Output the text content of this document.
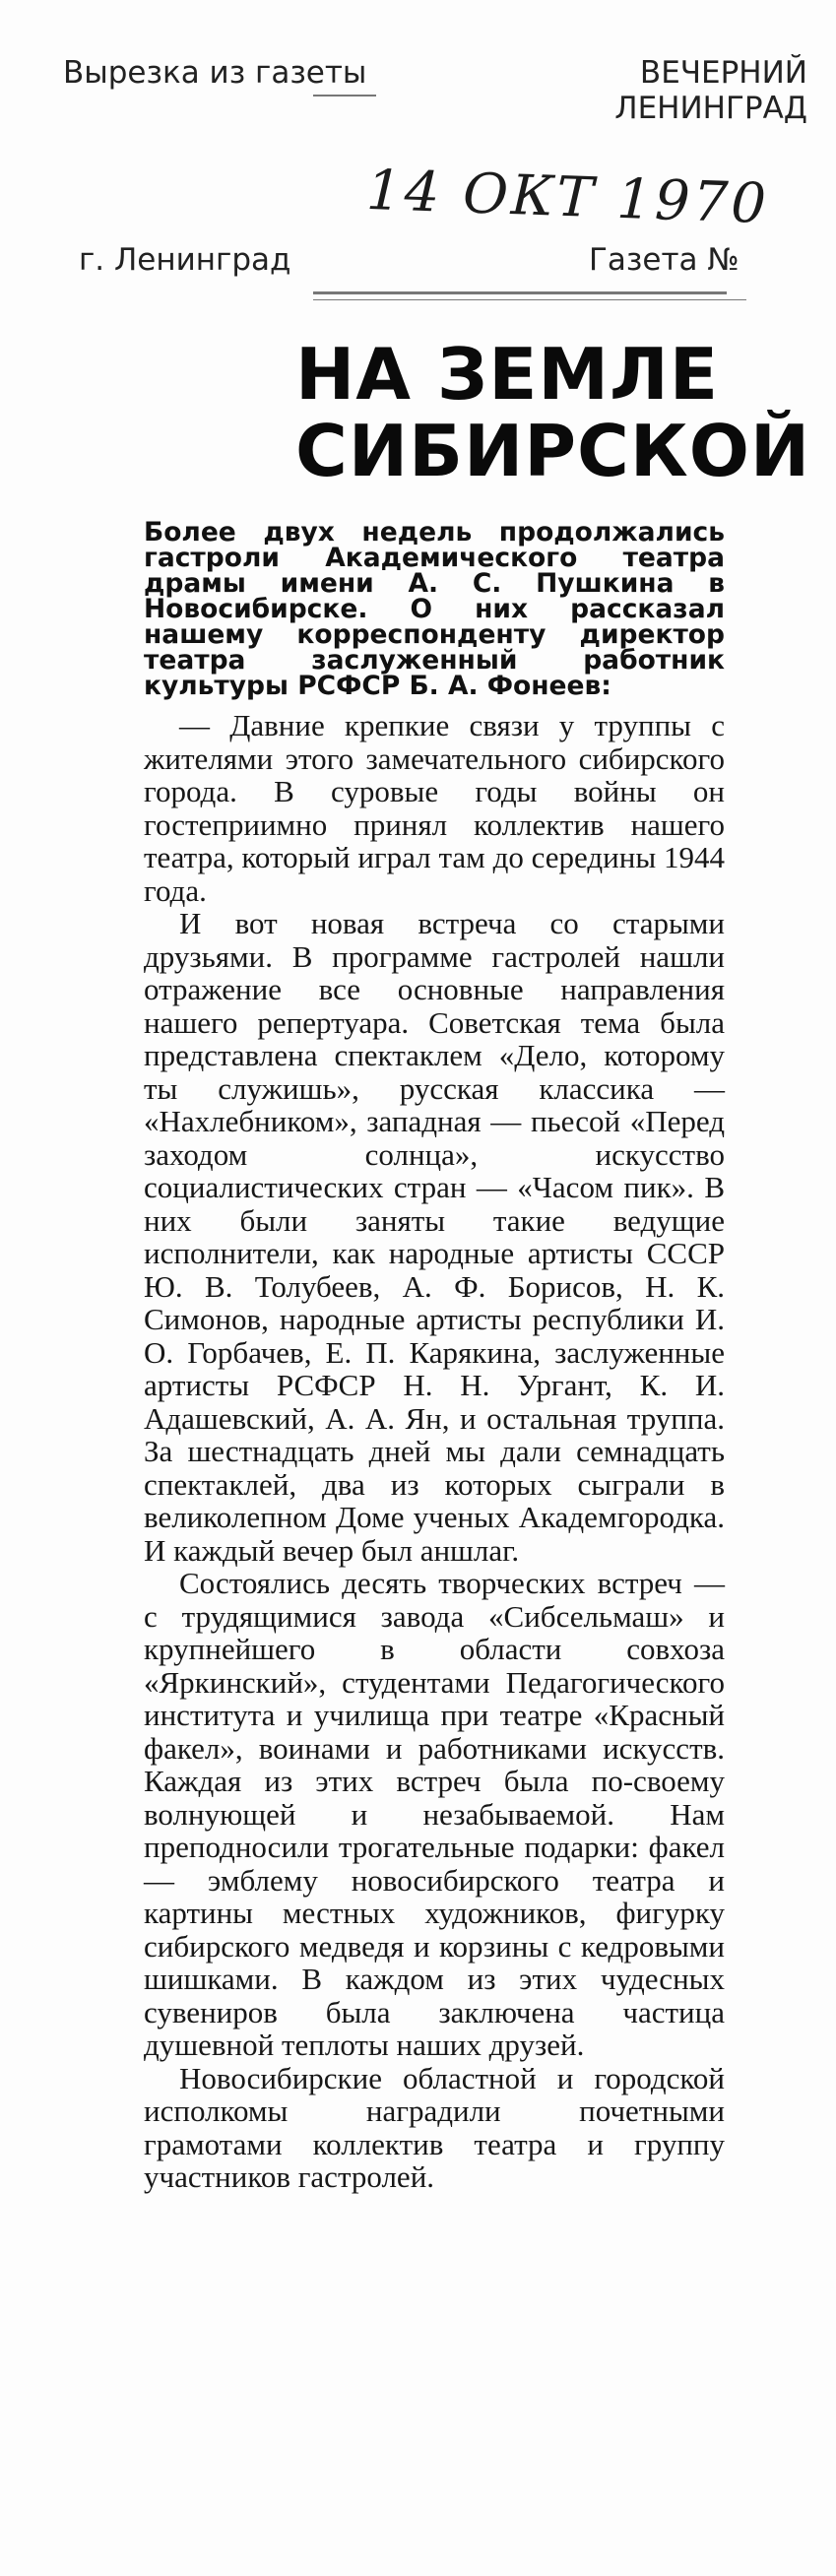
Вырезка из газеты	ВЕЧЕРНИЙ
ЛЕНИНГРАД
14 ОКТ 1970
г. Ленинград	Газета №
НА ЗЕМЛЕ
СИБИРСКОЙ
Более двух недель продолжались гастроли Академического театра драмы имени А. С. Пушкина в Новосибирске. О них рассказал нашему корреспонденту директор театра заслуженный работник культуры РСФСР Б. А. Фонеев:

— Давние крепкие связи у труппы с жителями этого замечательного сибирского города. В суровые годы войны он гостеприимно принял коллектив нашего театра, который играл там до середины 1944 года.

И вот новая встреча со старыми друзьями. В программе гастролей нашли отражение все основные направления нашего репертуара. Советская тема была представлена спектаклем «Дело, которому ты служишь», русская классика — «Нахлебником», западная — пьесой «Перед заходом солнца», искусство социалистических стран — «Часом пик». В них были заняты такие ведущие исполнители, как народные артисты СССР Ю. В. Толубеев, А. Ф. Борисов, Н. К. Симонов, народные артисты республики И. О. Горбачев, Е. П. Карякина, заслуженные артисты РСФСР Н. Н. Ургант, К. И. Адашевский, А. А. Ян, и остальная труппа. За шестнадцать дней мы дали семнадцать спектаклей, два из которых сыграли в великолепном Доме ученых Академгородка. И каждый вечер был аншлаг.

Состоялись десять творческих встреч — с трудящимися завода «Сибсельмаш» и крупнейшего в области совхоза «Яркинский», студентами Педагогического института и училища при театре «Красный факел», воинами и работниками искусств. Каждая из этих встреч была по-своему волнующей и незабываемой. Нам преподносили трогательные подарки: факел — эмблему новосибирского театра и картины местных художников, фигурку сибирского медведя и корзины с кедровыми шишками. В каждом из этих чудесных сувениров была заключена частица душевной теплоты наших друзей.

Новосибирские областной и городской исполкомы наградили почетными грамотами коллектив театра и группу участников гастролей.
